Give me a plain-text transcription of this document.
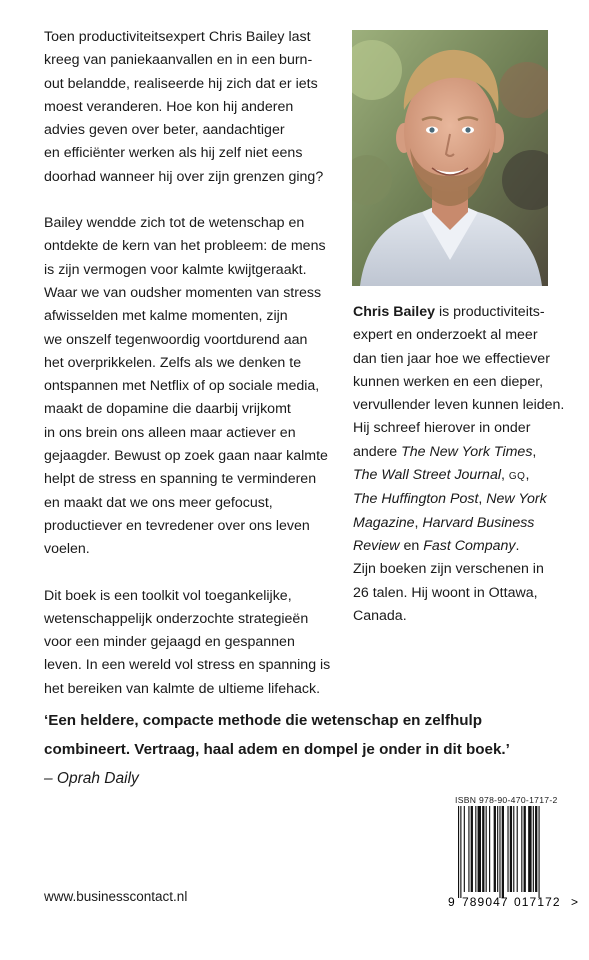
Toen productiviteitsexpert Chris Bailey last
kreeg van paniekaanvallen en in een burn-
out belandde, realiseerde hij zich dat er iets
moest veranderen. Hoe kon hij anderen
advies geven over beter, aandachtiger
en efficiënter werken als hij zelf niet eens
doorhad wanneer hij over zijn grenzen ging?

Bailey wendde zich tot de wetenschap en
ontdekte de kern van het probleem: de mens
is zijn vermogen voor kalmte kwijtgeraakt.
Waar we van oudsher momenten van stress
afwisselden met kalme momenten, zijn
we onszelf tegenwoordig voortdurend aan
het overprikkelen. Zelfs als we denken te
ontspannen met Netflix of op sociale media,
maakt de dopamine die daarbij vrijkomt
in ons brein ons alleen maar actiever en
gejaagder. Bewust op zoek gaan naar kalmte
helpt de stress en spanning te verminderen
en maakt dat we ons meer gefocust,
productiever en tevredener over ons leven
voelen.

Dit boek is een toolkit vol toegankelijke,
wetenschappelijk onderzochte strategieën
voor een minder gejaagd en gespannen
leven. In een wereld vol stress en spanning is
het bereiken van kalmte de ultieme lifehack.

Chris Bailey is productiviteits-
expert en onderzoekt al meer
dan tien jaar hoe we effectiever
kunnen werken en een dieper,
vervullender leven kunnen leiden.
Hij schreef hierover in onder
andere The New York Times,
The Wall Street Journal, GQ,
The Huffington Post, New York
Magazine, Harvard Business
Review en Fast Company.
Zijn boeken zijn verschenen in
26 talen. Hij woont in Ottawa,
Canada.
‘Een heldere, compacte methode die wetenschap en zelfhulp
combineert. Vertraag, haal adem en dompel je onder in dit boek.’
– Oprah Daily
ISBN 978-90-470-1717-2
9 789047 017172 >
www.businesscontact.nl
